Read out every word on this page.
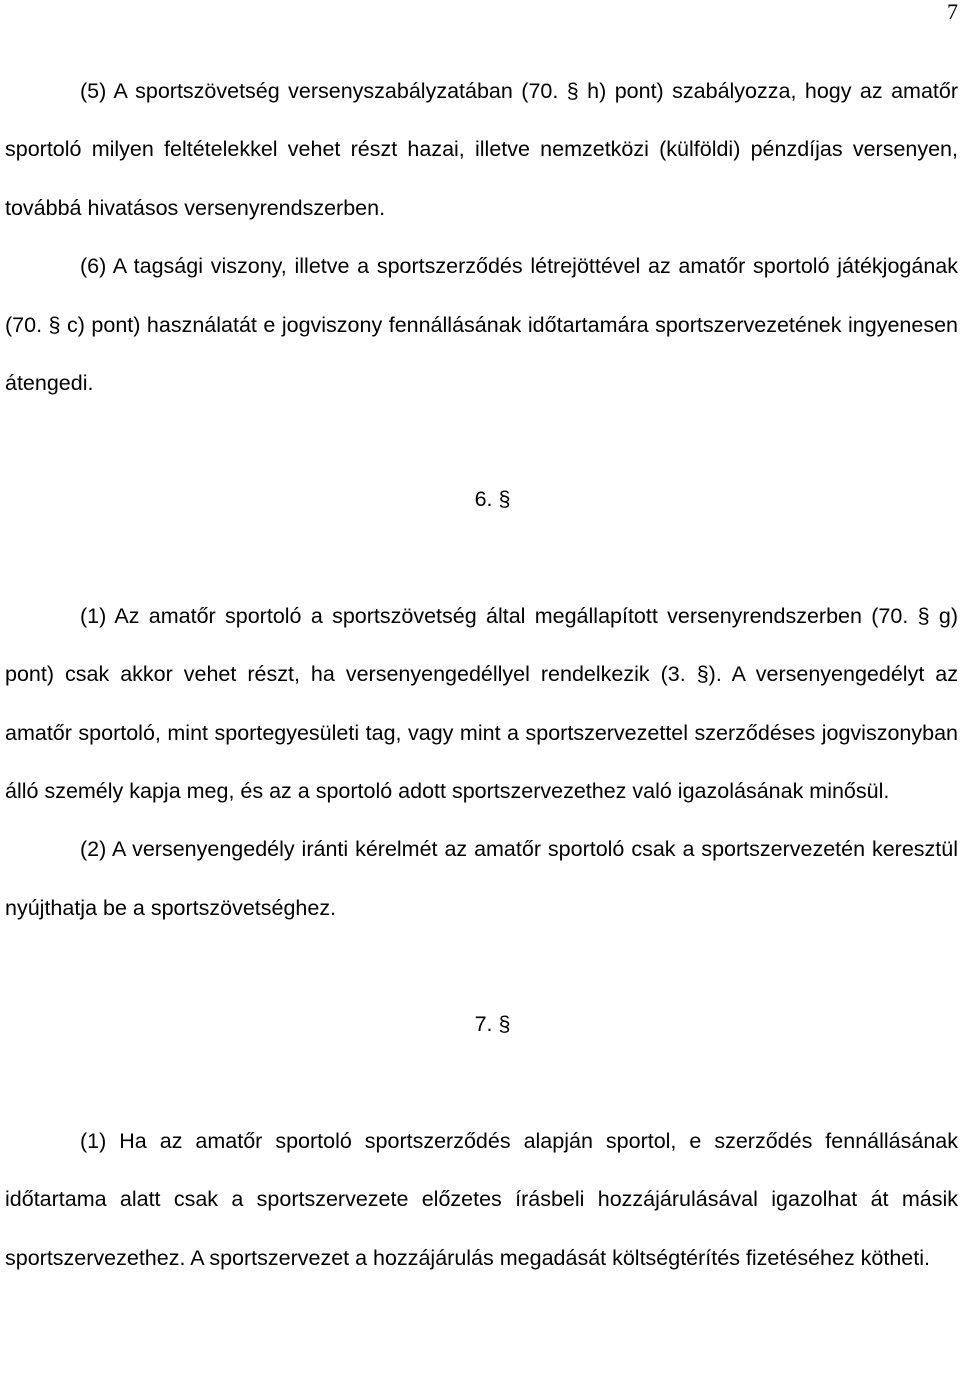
7

(5) A sportszövetség versenyszabályzatában (70. § h) pont) szabályozza, hogy az amatőr sportoló milyen feltételekkel vehet részt hazai, illetve nemzetközi (külföldi) pénzdíjas versenyen, továbbá hivatásos versenyrendszerben.

(6) A tagsági viszony, illetve a sportszerződés létrejöttével az amatőr sportoló játékjogának (70. § c) pont) használatát e jogviszony fennállásának időtartamára sportszervezetének ingyenesen átengedi.

6. §

(1) Az amatőr sportoló a sportszövetség által megállapított versenyrendszerben (70. § g) pont) csak akkor vehet részt, ha versenyengedéllyel rendelkezik (3. §). A versenyengedélyt az amatőr sportoló, mint sportegyesületi tag, vagy mint a sportszervezettel szerződéses jogviszonyban álló személy kapja meg, és az a sportoló adott sportszervezethez való igazolásának minősül.

(2) A versenyengedély iránti kérelmét az amatőr sportoló csak a sportszervezetén keresztül nyújthatja be a sportszövetséghez.

7. §

(1) Ha az amatőr sportoló sportszerződés alapján sportol, e szerződés fennállásának időtartama alatt csak a sportszervezete előzetes írásbeli hozzájárulásával igazolhat át másik sportszervezethez. A sportszervezet a hozzájárulás megadását költségtérítés fizetéséhez kötheti.
